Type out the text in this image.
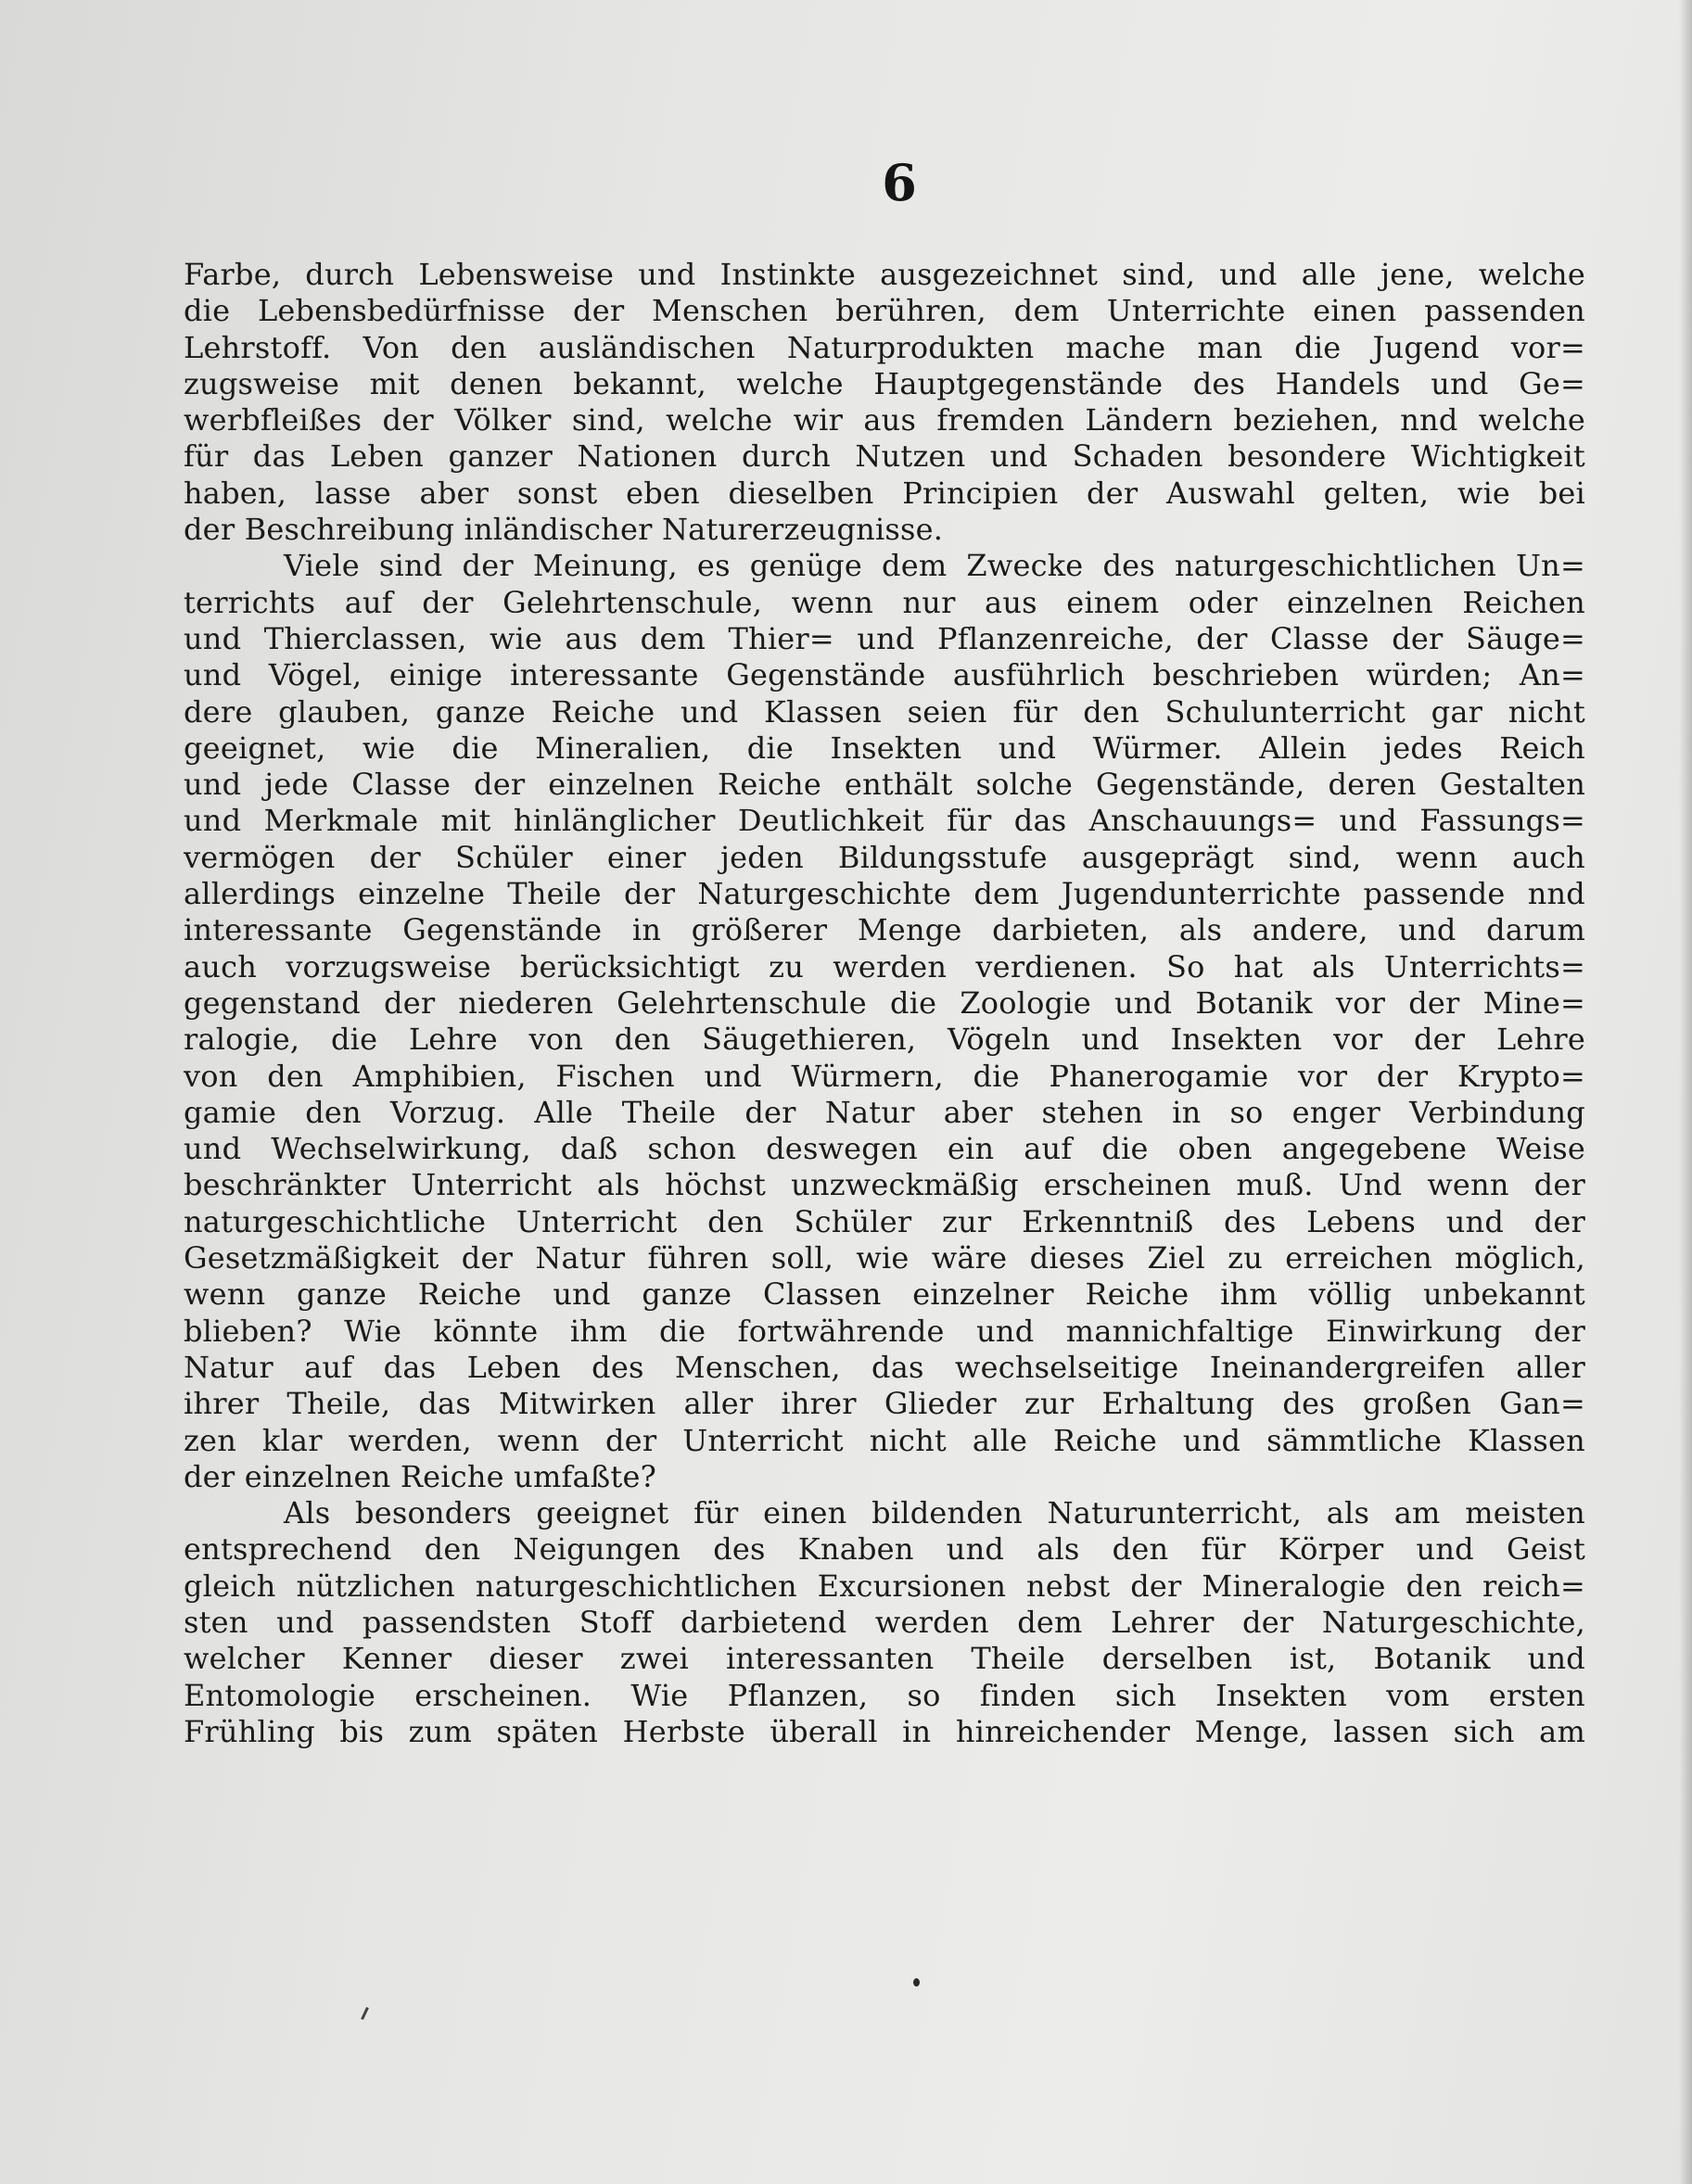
6
Farbe, durch Lebensweise und Instinkte ausgezeichnet sind, und alle jene, welche
die Lebensbedürfnisse der Menschen berühren, dem Unterrichte einen passenden
Lehrstoff. Von den ausländischen Naturprodukten mache man die Jugend vor=
zugsweise mit denen bekannt, welche Hauptgegenstände des Handels und Ge=
werbfleißes der Völker sind, welche wir aus fremden Ländern beziehen, nnd welche
für das Leben ganzer Nationen durch Nutzen und Schaden besondere Wichtigkeit
haben, lasse aber sonst eben dieselben Principien der Auswahl gelten, wie bei
der Beschreibung inländischer Naturerzeugnisse.
Viele sind der Meinung, es genüge dem Zwecke des naturgeschichtlichen Un=
terrichts auf der Gelehrtenschule, wenn nur aus einem oder einzelnen Reichen
und Thierclassen, wie aus dem Thier= und Pflanzenreiche, der Classe der Säuge=
und Vögel, einige interessante Gegenstände ausführlich beschrieben würden; An=
dere glauben, ganze Reiche und Klassen seien für den Schulunterricht gar nicht
geeignet, wie die Mineralien, die Insekten und Würmer. Allein jedes Reich
und jede Classe der einzelnen Reiche enthält solche Gegenstände, deren Gestalten
und Merkmale mit hinlänglicher Deutlichkeit für das Anschauungs= und Fassungs=
vermögen der Schüler einer jeden Bildungsstufe ausgeprägt sind, wenn auch
allerdings einzelne Theile der Naturgeschichte dem Jugendunterrichte passende nnd
interessante Gegenstände in größerer Menge darbieten, als andere, und darum
auch vorzugsweise berücksichtigt zu werden verdienen. So hat als Unterrichts=
gegenstand der niederen Gelehrtenschule die Zoologie und Botanik vor der Mine=
ralogie, die Lehre von den Säugethieren, Vögeln und Insekten vor der Lehre
von den Amphibien, Fischen und Würmern, die Phanerogamie vor der Krypto=
gamie den Vorzug. Alle Theile der Natur aber stehen in so enger Verbindung
und Wechselwirkung, daß schon deswegen ein auf die oben angegebene Weise
beschränkter Unterricht als höchst unzweckmäßig erscheinen muß. Und wenn der
naturgeschichtliche Unterricht den Schüler zur Erkenntniß des Lebens und der
Gesetzmäßigkeit der Natur führen soll, wie wäre dieses Ziel zu erreichen möglich,
wenn ganze Reiche und ganze Classen einzelner Reiche ihm völlig unbekannt
blieben? Wie könnte ihm die fortwährende und mannichfaltige Einwirkung der
Natur auf das Leben des Menschen, das wechselseitige Ineinandergreifen aller
ihrer Theile, das Mitwirken aller ihrer Glieder zur Erhaltung des großen Gan=
zen klar werden, wenn der Unterricht nicht alle Reiche und sämmtliche Klassen
der einzelnen Reiche umfaßte?
Als besonders geeignet für einen bildenden Naturunterricht, als am meisten
entsprechend den Neigungen des Knaben und als den für Körper und Geist
gleich nützlichen naturgeschichtlichen Excursionen nebst der Mineralogie den reich=
sten und passendsten Stoff darbietend werden dem Lehrer der Naturgeschichte,
welcher Kenner dieser zwei interessanten Theile derselben ist, Botanik und
Entomologie erscheinen. Wie Pflanzen, so finden sich Insekten vom ersten
Frühling bis zum späten Herbste überall in hinreichender Menge, lassen sich am
